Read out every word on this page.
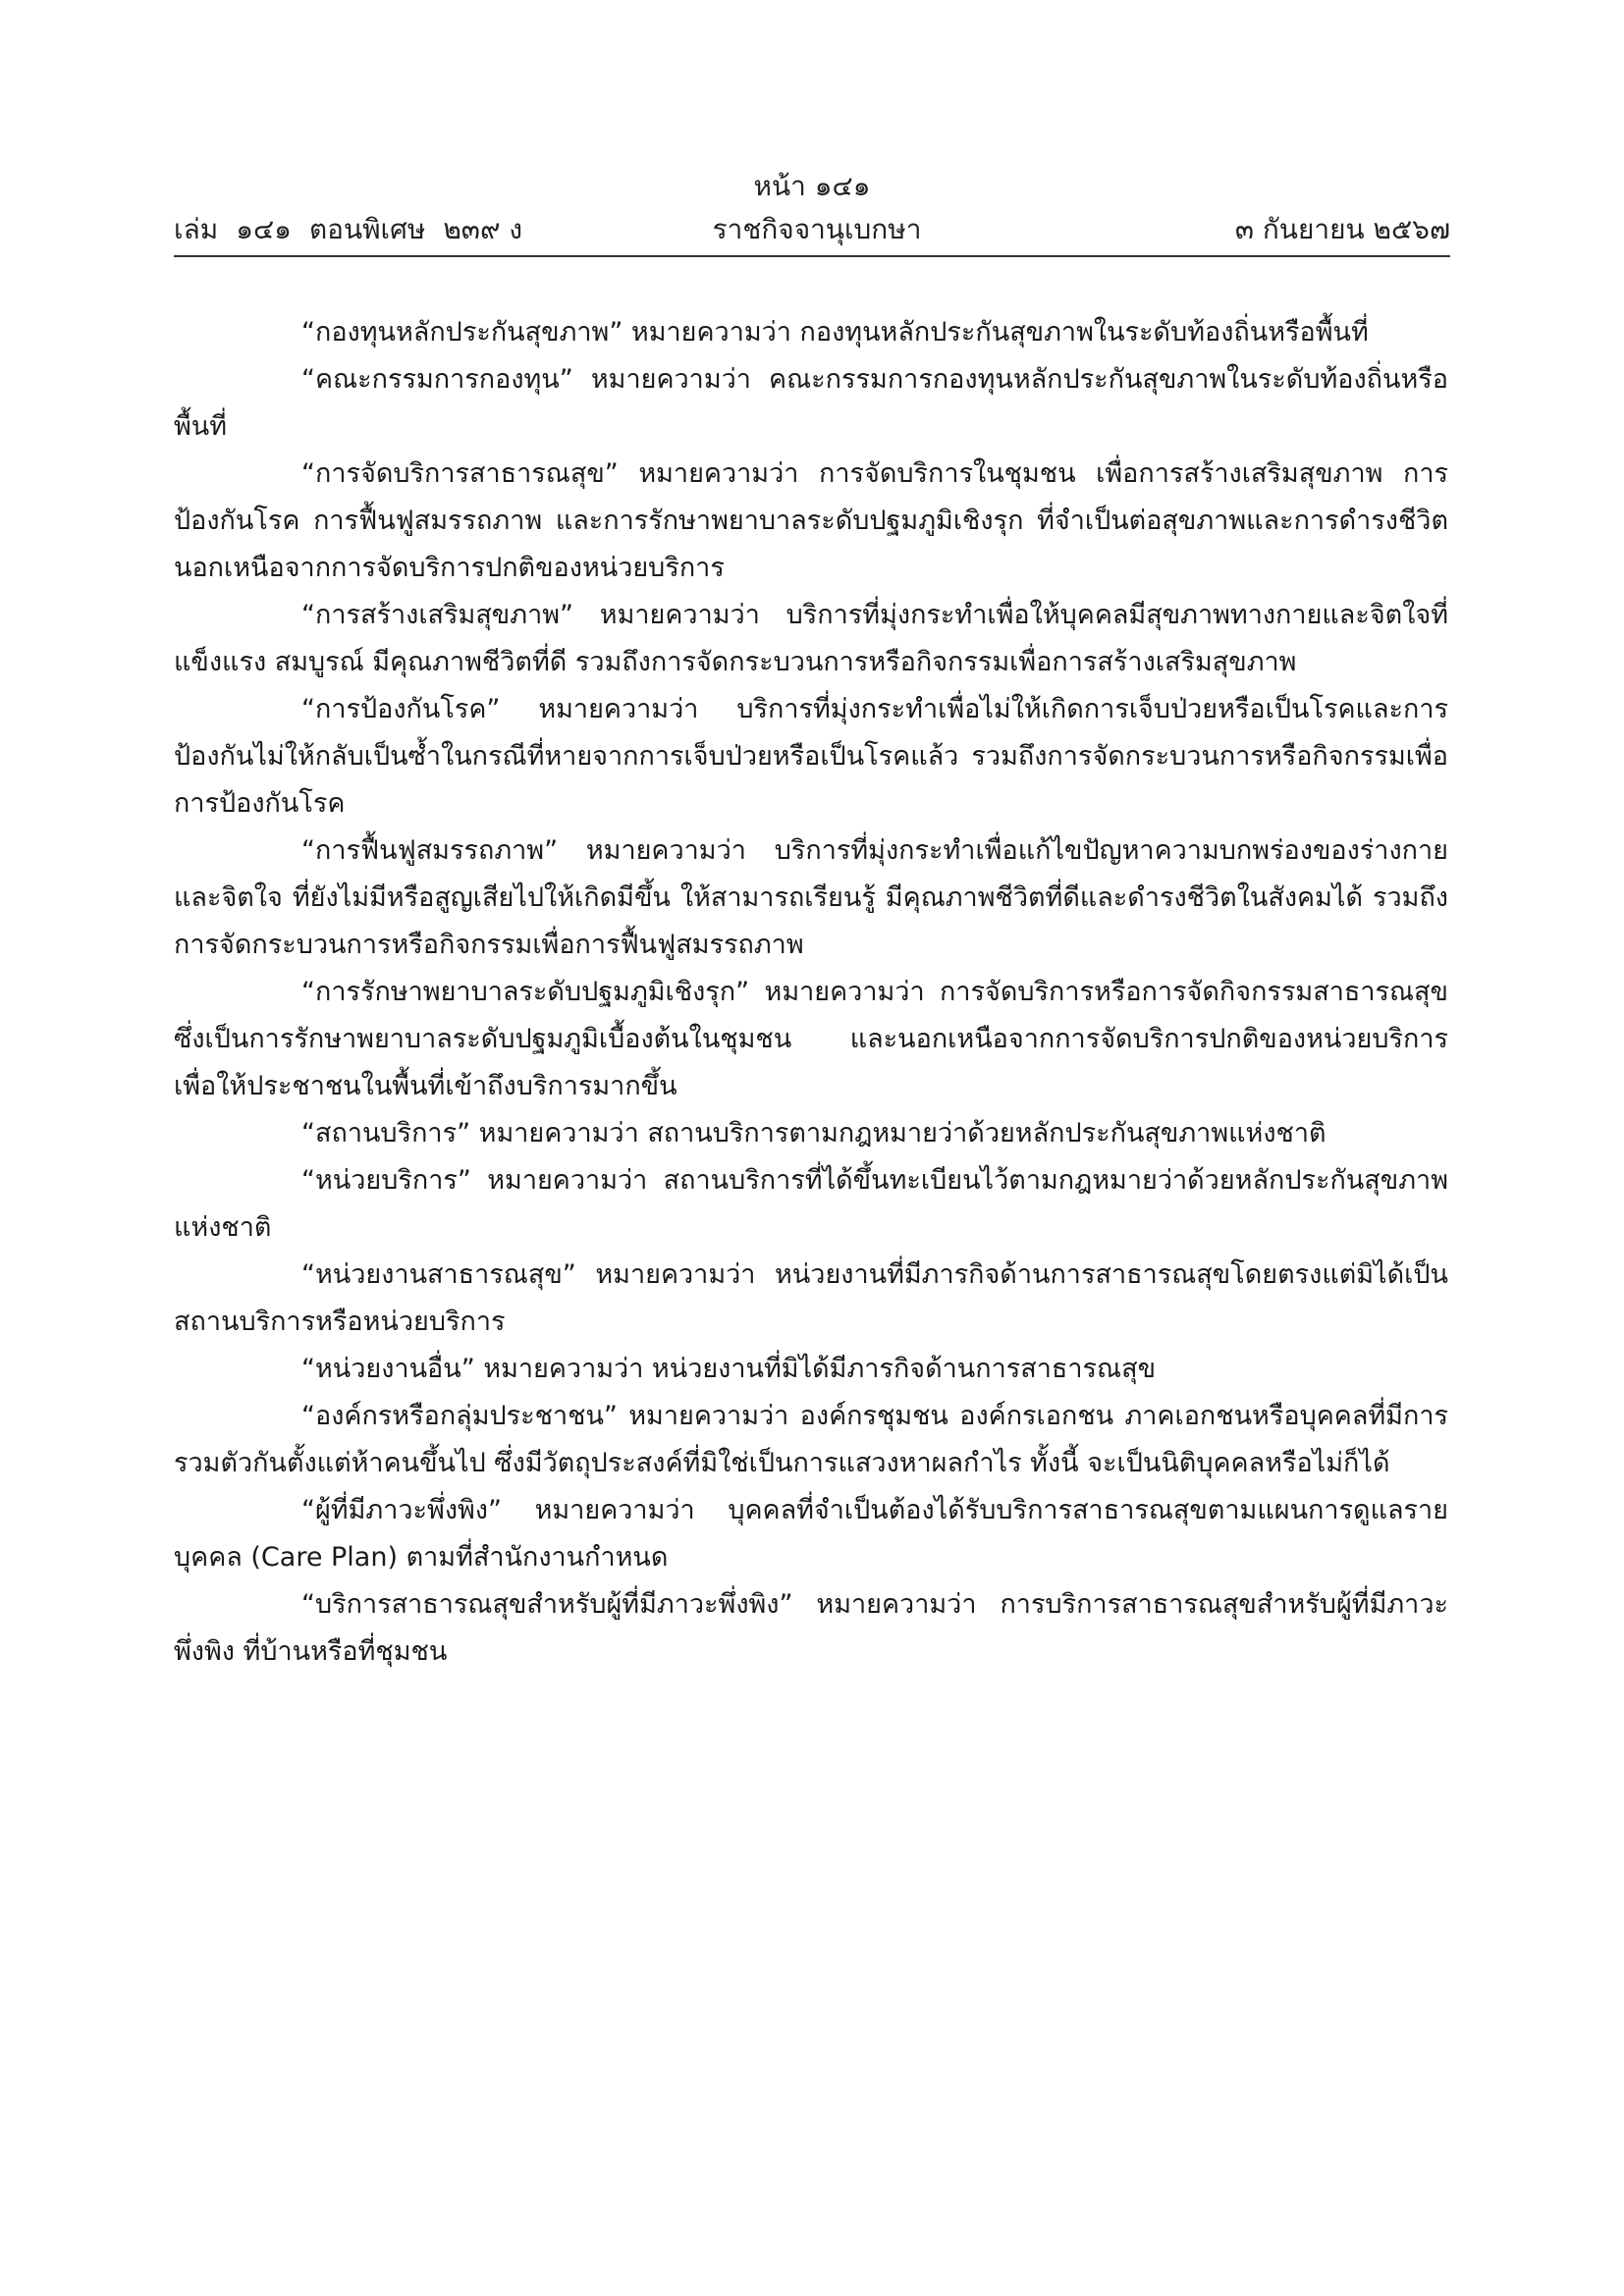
หน้า ๑๔๑
เล่ม ๑๔๑ ตอนพิเศษ ๒๓๙ ง	ราชกิจจานุเบกษา	๓ กันยายน ๒๕๖๗

“กองทุนหลักประกันสุขภาพ” หมายความว่า กองทุนหลักประกันสุขภาพในระดับท้องถิ่นหรือพื้นที่

“คณะกรรมการกองทุน” หมายความว่า คณะกรรมการกองทุนหลักประกันสุขภาพในระดับท้องถิ่นหรือพื้นที่

“การจัดบริการสาธารณสุข” หมายความว่า การจัดบริการในชุมชน เพื่อการสร้างเสริมสุขภาพ การป้องกันโรค การฟื้นฟูสมรรถภาพ และการรักษาพยาบาลระดับปฐมภูมิเชิงรุก ที่จำเป็นต่อสุขภาพและการดำรงชีวิต นอกเหนือจากการจัดบริการปกติของหน่วยบริการ

“การสร้างเสริมสุขภาพ” หมายความว่า บริการที่มุ่งกระทำเพื่อให้บุคคลมีสุขภาพทางกายและจิตใจที่แข็งแรง สมบูรณ์ มีคุณภาพชีวิตที่ดี รวมถึงการจัดกระบวนการหรือกิจกรรมเพื่อการสร้างเสริมสุขภาพ

“การป้องกันโรค” หมายความว่า บริการที่มุ่งกระทำเพื่อไม่ให้เกิดการเจ็บป่วยหรือเป็นโรคและการป้องกันไม่ให้กลับเป็นซ้ำในกรณีที่หายจากการเจ็บป่วยหรือเป็นโรคแล้ว รวมถึงการจัดกระบวนการหรือกิจกรรมเพื่อการป้องกันโรค

“การฟื้นฟูสมรรถภาพ” หมายความว่า บริการที่มุ่งกระทำเพื่อแก้ไขปัญหาความบกพร่องของร่างกายและจิตใจ ที่ยังไม่มีหรือสูญเสียไปให้เกิดมีขึ้น ให้สามารถเรียนรู้ มีคุณภาพชีวิตที่ดีและดำรงชีวิตในสังคมได้ รวมถึงการจัดกระบวนการหรือกิจกรรมเพื่อการฟื้นฟูสมรรถภาพ

“การรักษาพยาบาลระดับปฐมภูมิเชิงรุก” หมายความว่า การจัดบริการหรือการจัดกิจกรรมสาธารณสุข ซึ่งเป็นการรักษาพยาบาลระดับปฐมภูมิเบื้องต้นในชุมชน และนอกเหนือจากการจัดบริการปกติของหน่วยบริการ เพื่อให้ประชาชนในพื้นที่เข้าถึงบริการมากขึ้น

“สถานบริการ” หมายความว่า สถานบริการตามกฎหมายว่าด้วยหลักประกันสุขภาพแห่งชาติ

“หน่วยบริการ” หมายความว่า สถานบริการที่ได้ขึ้นทะเบียนไว้ตามกฎหมายว่าด้วยหลักประกันสุขภาพแห่งชาติ

“หน่วยงานสาธารณสุข” หมายความว่า หน่วยงานที่มีภารกิจด้านการสาธารณสุขโดยตรงแต่มิได้เป็นสถานบริการหรือหน่วยบริการ

“หน่วยงานอื่น” หมายความว่า หน่วยงานที่มิได้มีภารกิจด้านการสาธารณสุข

“องค์กรหรือกลุ่มประชาชน” หมายความว่า องค์กรชุมชน องค์กรเอกชน ภาคเอกชนหรือบุคคลที่มีการรวมตัวกันตั้งแต่ห้าคนขึ้นไป ซึ่งมีวัตถุประสงค์ที่มิใช่เป็นการแสวงหาผลกำไร ทั้งนี้ จะเป็นนิติบุคคลหรือไม่ก็ได้

“ผู้ที่มีภาวะพึ่งพิง” หมายความว่า บุคคลที่จำเป็นต้องได้รับบริการสาธารณสุขตามแผนการดูแลรายบุคคล (Care Plan) ตามที่สำนักงานกำหนด

“บริการสาธารณสุขสำหรับผู้ที่มีภาวะพึ่งพิง” หมายความว่า การบริการสาธารณสุขสำหรับผู้ที่มีภาวะพึ่งพิง ที่บ้านหรือที่ชุมชน
